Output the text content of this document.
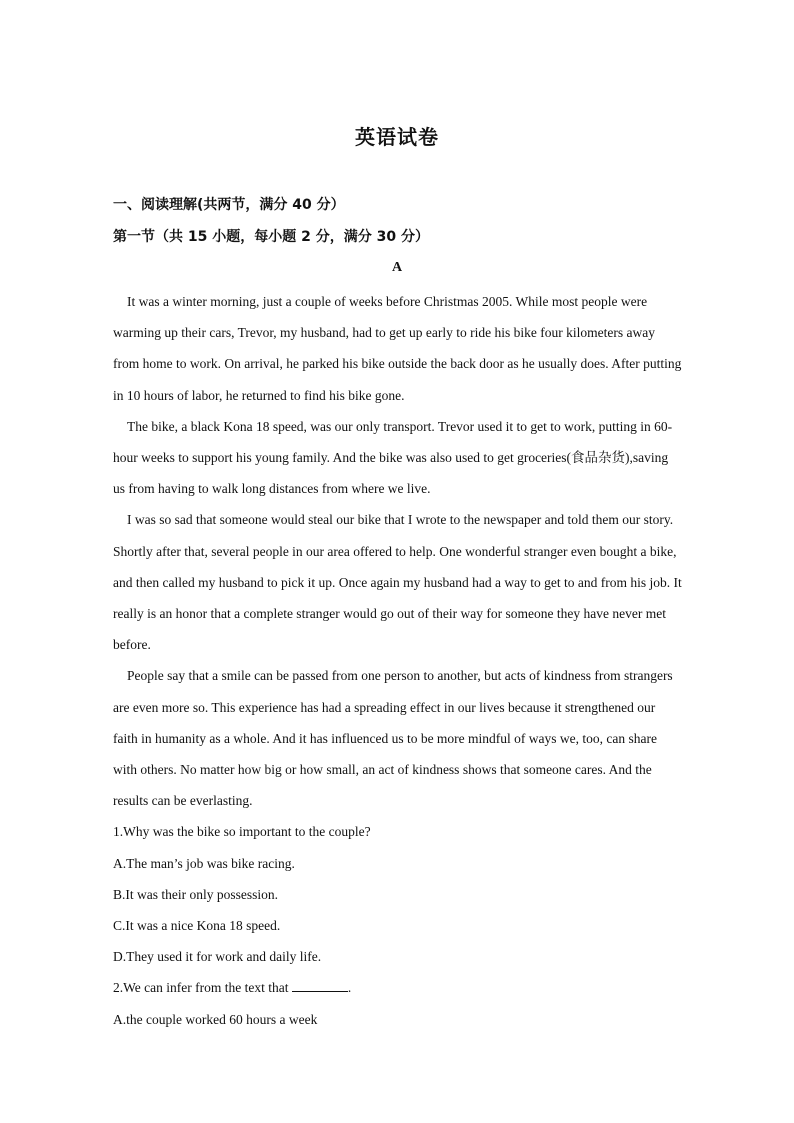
英语试卷
一、阅读理解(共两节，满分 40 分）
第一节（共 15 小题，每小题 2 分，满分 30 分）
A

It was a winter morning, just a couple of weeks before Christmas 2005. While most people were warming up their cars, Trevor, my husband, had to get up early to ride his bike four kilometers away from home to work. On arrival, he parked his bike outside the back door as he usually does. After putting in 10 hours of labor, he returned to find his bike gone.

The bike, a black Kona 18 speed, was our only transport. Trevor used it to get to work, putting in 60-hour weeks to support his young family. And the bike was also used to get groceries(食品杂货),saving us from having to walk long distances from where we live.

I was so sad that someone would steal our bike that I wrote to the newspaper and told them our story. Shortly after that, several people in our area offered to help. One wonderful stranger even bought a bike, and then called my husband to pick it up. Once again my husband had a way to get to and from his job. It really is an honor that a complete stranger would go out of their way for someone they have never met before.

People say that a smile can be passed from one person to another, but acts of kindness from strangers are even more so. This experience has had a spreading effect in our lives because it strengthened our faith in humanity as a whole. And it has influenced us to be more mindful of ways we, too, can share with others. No matter how big or how small, an act of kindness shows that someone cares. And the results can be everlasting.

1.Why was the bike so important to the couple?

A.The man’s job was bike racing.

B.It was their only possession.

C.It was a nice Kona 18 speed.

D.They used it for work and daily life.

2.We can infer from the text that	.

A.the couple worked 60 hours a week
